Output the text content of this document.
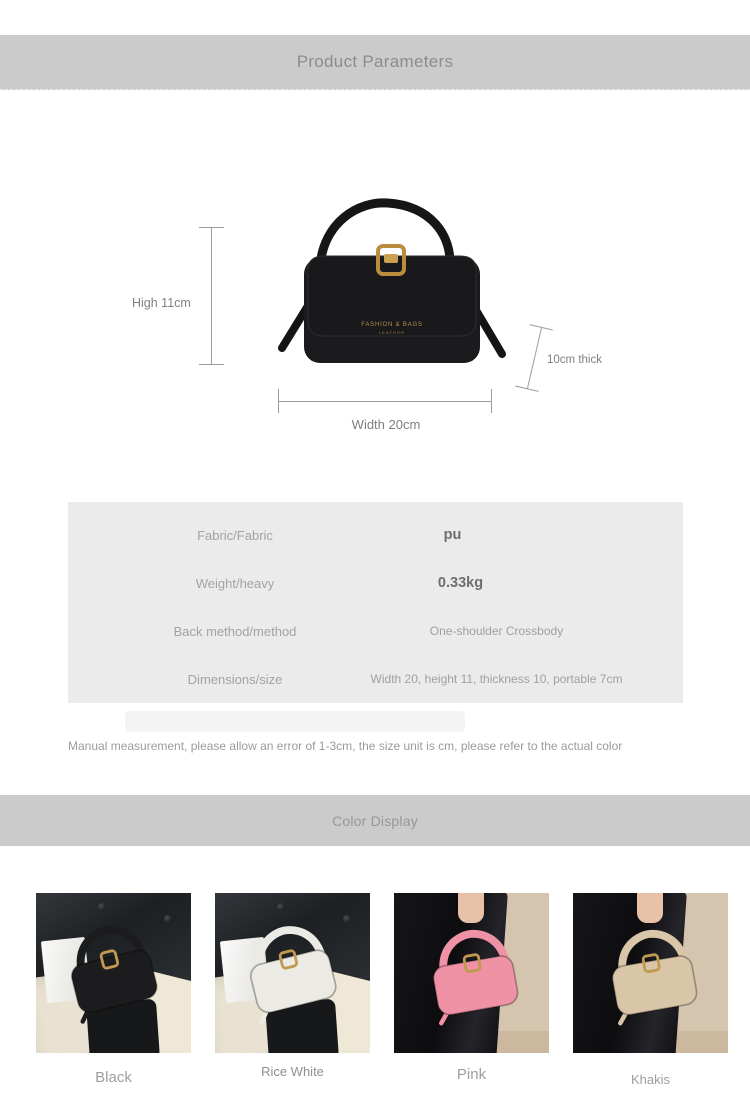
Product Parameters
FASHION & BAGS
LEATHER
High 11cm
Width 20cm
10cm thick
Fabric/Fabric	pu
Weight/heavy	0.33kg
Back method/method	One-shoulder Crossbody
Dimensions/size	Width 20, height 11, thickness 10, portable 7cm

Manual measurement, please allow an error of 1-3cm, the size unit is cm, please refer to the actual color

Color Display
Black	Rice White	Pink	Khakis
